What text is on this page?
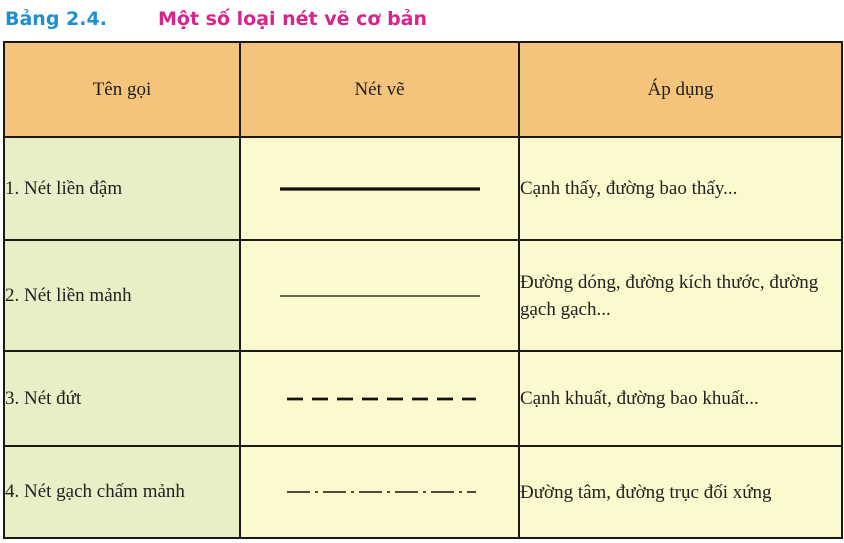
Bảng 2.4.	Một số loại nét vẽ cơ bản
Tên gọi	Nét vẽ	Áp dụng
1. Nét liền đậm		Cạnh thấy, đường bao thấy...
2. Nét liền mảnh		Đường dóng, đường kích thước, đường gạch gạch...
3. Nét đứt		Cạnh khuất, đường bao khuất...
4. Nét gạch chấm mảnh		Đường tâm, đường trục đối xứng
